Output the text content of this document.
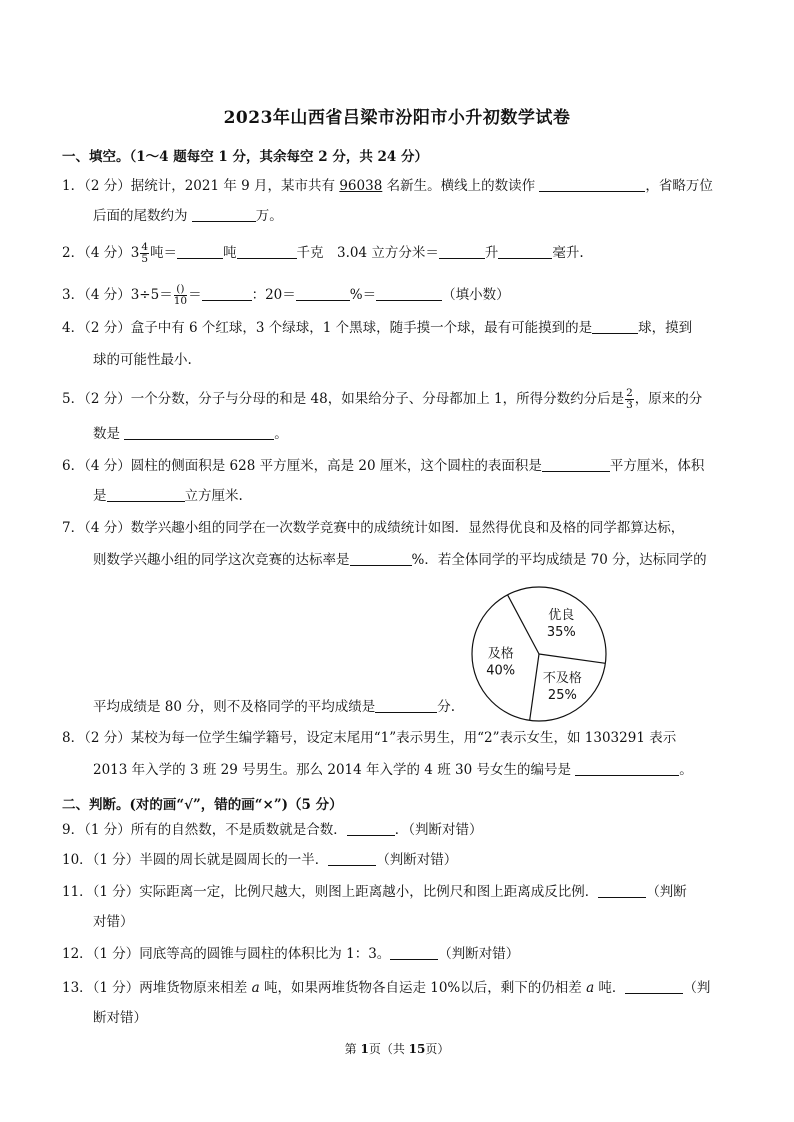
2023年山西省吕梁市汾阳市小升初数学试卷
一、填空。（1～4 题每空 1 分，其余每空 2 分，共 24 分）
1．（2 分）据统计，2021 年 9 月，某市共有 96038 名新生。横线上的数读作	，省略万位
后面的尾数约为	万。
2．（4 分）$3 \frac{4}{5}$ 吨＝	吨	千克　3.04 立方分米＝	升	毫升.
3．（4 分）$3\div 5= \frac{()}{10}$ ＝	：20＝	%＝	（填小数）
4．（2 分）盒子中有 6 个红球，3 个绿球，1 个黑球，随手摸一个球，最有可能摸到的是	球，摸到
球的可能性最小.
5．（2 分）一个分数，分子与分母的和是 48，如果给分子、分母都加上 1，所得分数约分后是 $\frac{2}{3}$ ，原来的分
数是	。
6．（4 分）圆柱的侧面积是 628 平方厘米，高是 20 厘米，这个圆柱的表面积是	平方厘米，体积
是	立方厘米.
7．（4 分）数学兴趣小组的同学在一次数学竞赛中的成绩统计如图．显然得优良和及格的同学都算达标，
则数学兴趣小组的同学这次竞赛的达标率是	%．若全体同学的平均成绩是 70 分，达标同学的
优良
35%
不及格
25%
及格
40%
平均成绩是 80 分，则不及格同学的平均成绩是	分.
8．（2 分）某校为每一位学生编学籍号，设定末尾用“1”表示男生，用“2”表示女生，如 1303291 表示
2013 年入学的 3 班 29 号男生。那么 2014 年入学的 4 班 30 号女生的编号是	。
二、判断。(对的画“√”，错的画“×”)（5 分）
9．（1 分）所有的自然数，不是质数就是合数．	．（判断对错）
10．（1 分）半圆的周长就是圆周长的一半．	（判断对错）
11．（1 分）实际距离一定，比例尺越大，则图上距离越小，比例尺和图上距离成反比例．	（判断
对错）
12．（1 分）同底等高的圆锥与圆柱的体积比为 1：3。	（判断对错）
13．（1 分）两堆货物原来相差 a 吨，如果两堆货物各自运走 10%以后，剩下的仍相差 a 吨．	（判
断对错）
第 1页（共 15页）
